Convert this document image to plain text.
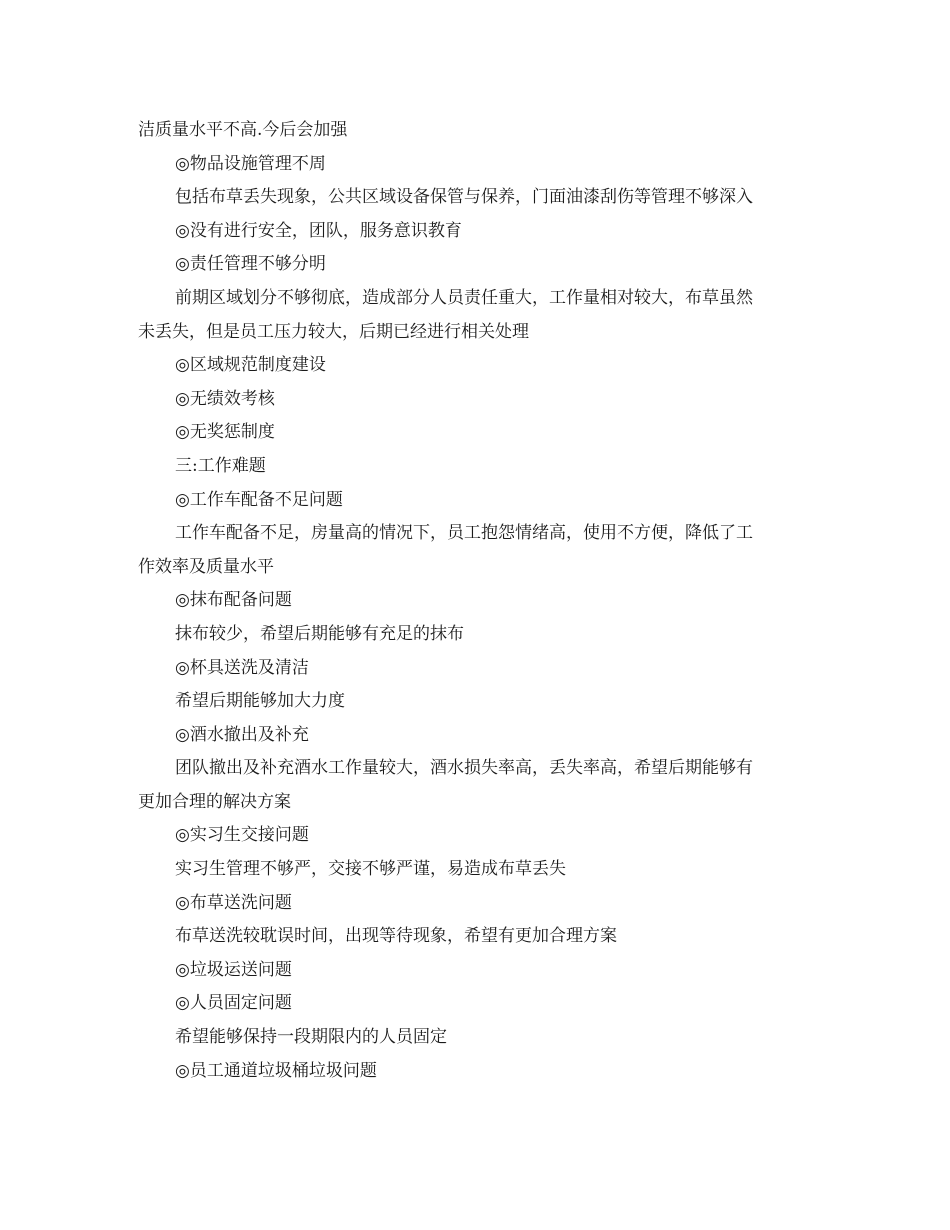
洁质量水平不高.今后会加强
◎物品设施管理不周
包括布草丢失现象，公共区域设备保管与保养，门面油漆刮伤等管理不够深入
◎没有进行安全，团队，服务意识教育
◎责任管理不够分明
前期区域划分不够彻底，造成部分人员责任重大，工作量相对较大，布草虽然
未丢失，但是员工压力较大，后期已经进行相关处理
◎区域规范制度建设
◎无绩效考核
◎无奖惩制度
三:工作难题
◎工作车配备不足问题
工作车配备不足，房量高的情况下，员工抱怨情绪高，使用不方便，降低了工
作效率及质量水平
◎抹布配备问题
抹布较少，希望后期能够有充足的抹布
◎杯具送洗及清洁
希望后期能够加大力度
◎酒水撤出及补充
团队撤出及补充酒水工作量较大，酒水损失率高，丢失率高，希望后期能够有
更加合理的解决方案
◎实习生交接问题
实习生管理不够严，交接不够严谨，易造成布草丢失
◎布草送洗问题
布草送洗较耽误时间，出现等待现象，希望有更加合理方案
◎垃圾运送问题
◎人员固定问题
希望能够保持一段期限内的人员固定
◎员工通道垃圾桶垃圾问题
